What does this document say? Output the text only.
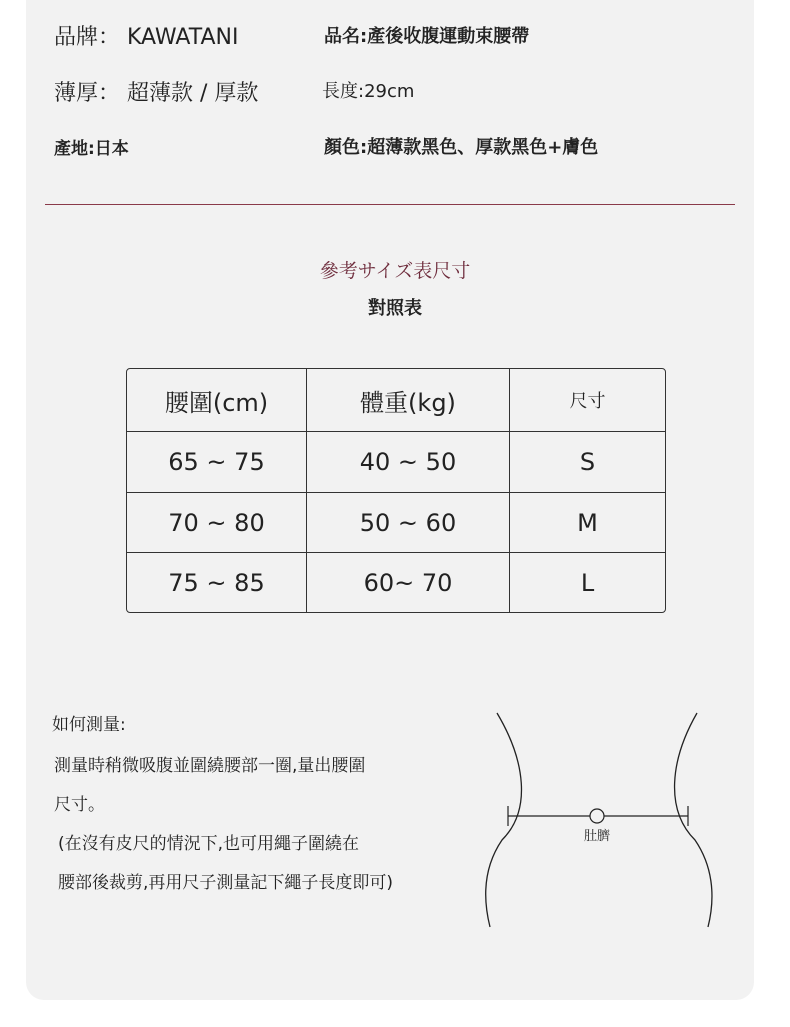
品牌： KAWATANI	品名:產後收腹運動束腰帶
薄厚： 超薄款 / 厚款	長度:29cm
產地:日本	顏色:超薄款黑色、厚款黑色+膚色
參考サイズ表尺寸
對照表
腰圍(cm)	體重(kg)	尺寸
65 ~ 75	40 ~ 50	S
70 ~ 80	50 ~ 60	M
75 ~ 85	60~ 70	L
如何測量:
測量時稍微吸腹並圍繞腰部一圈,量出腰圍
尺寸。
(在沒有皮尺的情況下,也可用繩子圍繞在
腰部後裁剪,再用尺子測量記下繩子長度即可)
肚臍
